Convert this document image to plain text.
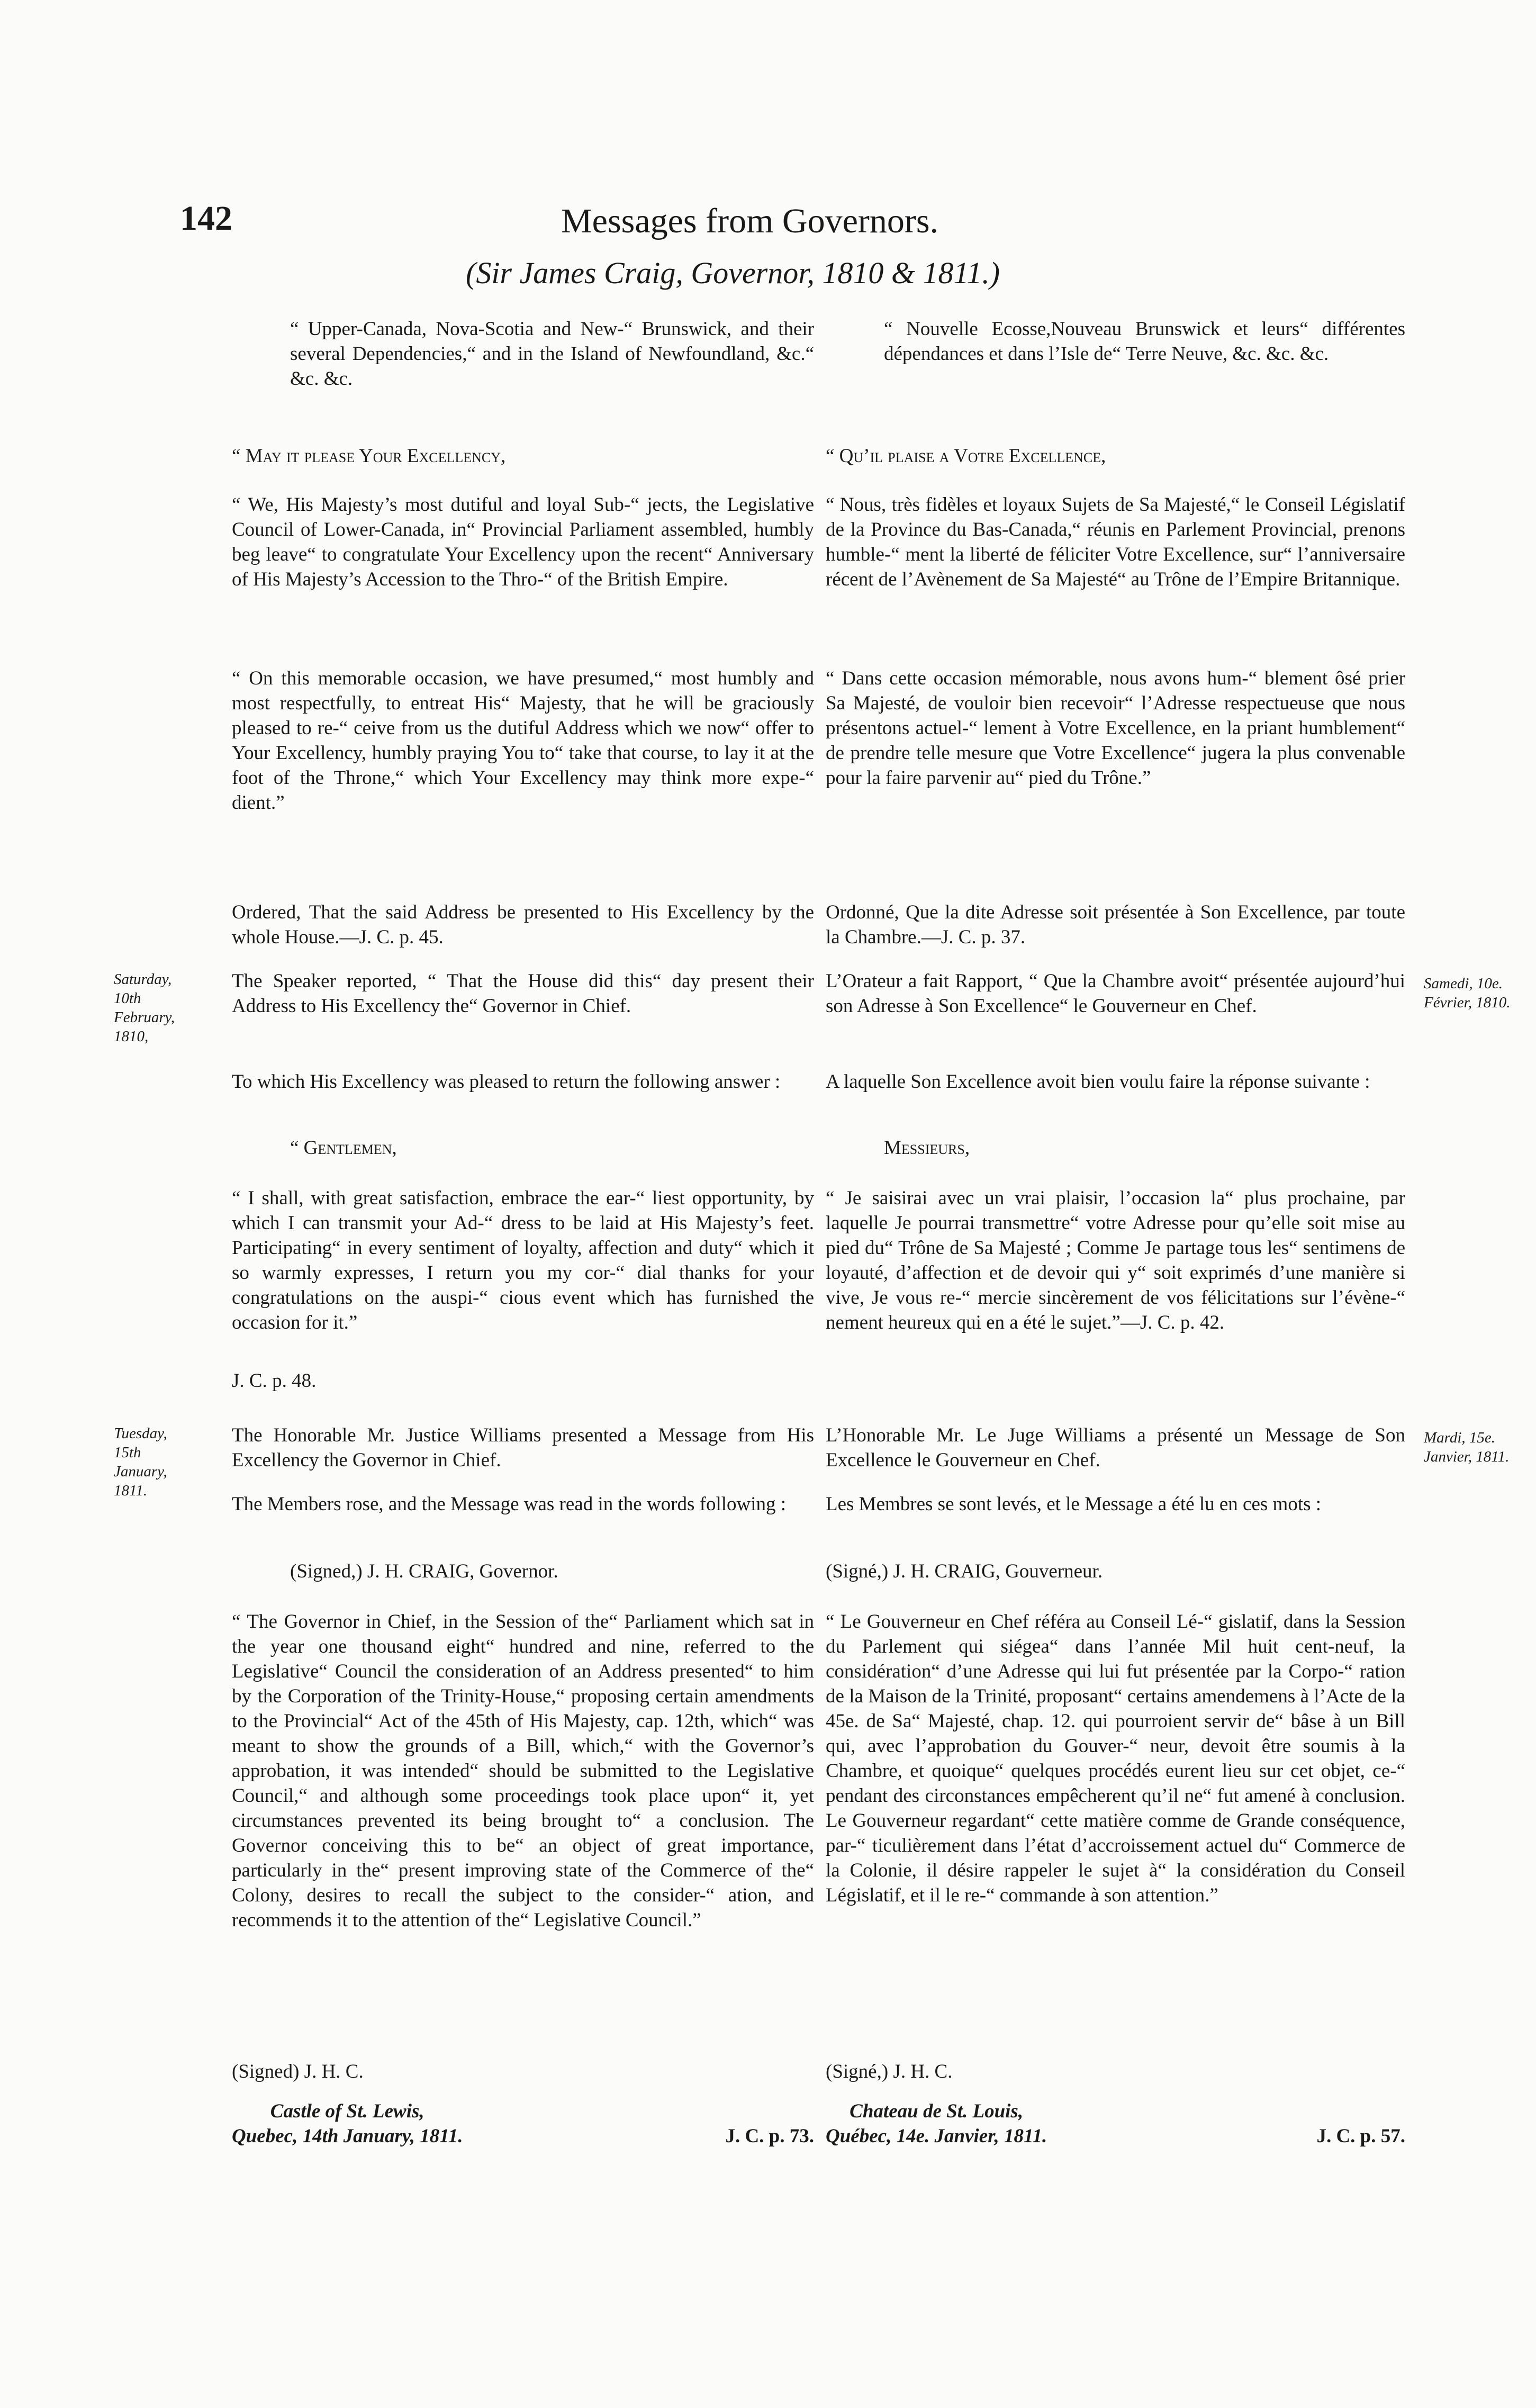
142	Messages from Governors.
(Sir James Craig, Governor, 1810 & 1811.)

“ Upper-Canada, Nova-Scotia and New-“ Brunswick, and their several Dependencies,“ and in the Island of Newfoundland, &c.“ &c. &c.

“ Nouvelle Ecosse,Nouveau Brunswick et leurs“ différentes dépendances et dans l’Isle de“ Terre Neuve, &c. &c. &c.

“ May it please Your Excellency,	“ Qu’il plaise a Votre Excellence,

“ We, His Majesty’s most dutiful and loyal Sub-“ jects, the Legislative Council of Lower-Canada, in“ Provincial Parliament assembled, humbly beg leave“ to congratulate Your Excellency upon the recent“ Anniversary of His Majesty’s Accession to the Thro-“ of the British Empire.

“ Nous, très fidèles et loyaux Sujets de Sa Majesté,“ le Conseil Législatif de la Province du Bas-Canada,“ réunis en Parlement Provincial, prenons humble-“ ment la liberté de féliciter Votre Excellence, sur“ l’anniversaire récent de l’Avènement de Sa Majesté“ au Trône de l’Empire Britannique.

“ On this memorable occasion, we have presumed,“ most humbly and most respectfully, to entreat His“ Majesty, that he will be graciously pleased to re-“ ceive from us the dutiful Address which we now“ offer to Your Excellency, humbly praying You to“ take that course, to lay it at the foot of the Throne,“ which Your Excellency may think more expe-“ dient.”

“ Dans cette occasion mémorable, nous avons hum-“ blement ôsé prier Sa Majesté, de vouloir bien recevoir“ l’Adresse respectueuse que nous présentons actuel-“ lement à Votre Excellence, en la priant humblement“ de prendre telle mesure que Votre Excellence“ jugera la plus convenable pour la faire parvenir au“ pied du Trône.”

Ordered, That the said Address be presented to His Excellency by the whole House.—J. C. p. 45.

Ordonné, Que la dite Adresse soit présentée à Son Excellence, par toute la Chambre.—J. C. p. 37.

Saturday, 10th February, 1810,
Samedi, 10e. Février, 1810.

The Speaker reported, “ That the House did this“ day present their Address to His Excellency the“ Governor in Chief.

L’Orateur a fait Rapport, “ Que la Chambre avoit“ présentée aujourd’hui son Adresse à Son Excellence“ le Gouverneur en Chef.

To which His Excellency was pleased to return the following answer :	A laquelle Son Excellence avoit bien voulu faire la réponse suivante :

“ Gentlemen,	Messieurs,

“ I shall, with great satisfaction, embrace the ear-“ liest opportunity, by which I can transmit your Ad-“ dress to be laid at His Majesty’s feet. Participating“ in every sentiment of loyalty, affection and duty“ which it so warmly expresses, I return you my cor-“ dial thanks for your congratulations on the auspi-“ cious event which has furnished the occasion for it.”

“ Je saisirai avec un vrai plaisir, l’occasion la“ plus prochaine, par laquelle Je pourrai transmettre“ votre Adresse pour qu’elle soit mise au pied du“ Trône de Sa Majesté ; Comme Je partage tous les“ sentimens de loyauté, d’affection et de devoir qui y“ soit exprimés d’une manière si vive, Je vous re-“ mercie sincèrement de vos félicitations sur l’évène-“ nement heureux qui en a été le sujet.”—J. C. p. 42.

J. C. p. 48.

Tuesday, 15th January, 1811.
Mardi, 15e. Janvier, 1811.

The Honorable Mr. Justice Williams presented a Message from His Excellency the Governor in Chief.

L’Honorable Mr. Le Juge Williams a présenté un Message de Son Excellence le Gouverneur en Chef.

The Members rose, and the Message was read in the words following :	Les Membres se sont levés, et le Message a été lu en ces mots :

(Signed,) J. H. CRAIG, Governor.	(Signé,) J. H. CRAIG, Gouverneur.

“ The Governor in Chief, in the Session of the“ Parliament which sat in the year one thousand eight“ hundred and nine, referred to the Legislative“ Council the consideration of an Address presented“ to him by the Corporation of the Trinity-House,“ proposing certain amendments to the Provincial“ Act of the 45th of His Majesty, cap. 12th, which“ was meant to show the grounds of a Bill, which,“ with the Governor’s approbation, it was intended“ should be submitted to the Legislative Council,“ and although some proceedings took place upon“ it, yet circumstances prevented its being brought to“ a conclusion. The Governor conceiving this to be“ an object of great importance, particularly in the“ present improving state of the Commerce of the“ Colony, desires to recall the subject to the consider-“ ation, and recommends it to the attention of the“ Legislative Council.”

“ Le Gouverneur en Chef référa au Conseil Lé-“ gislatif, dans la Session du Parlement qui siégea“ dans l’année Mil huit cent-neuf, la considération“ d’une Adresse qui lui fut présentée par la Corpo-“ ration de la Maison de la Trinité, proposant“ certains amendemens à l’Acte de la 45e. de Sa“ Majesté, chap. 12. qui pourroient servir de“ bâse à un Bill qui, avec l’approbation du Gouver-“ neur, devoit être soumis à la Chambre, et quoique“ quelques procédés eurent lieu sur cet objet, ce-“ pendant des circonstances empêcherent qu’il ne“ fut amené à conclusion. Le Gouverneur regardant“ cette matière comme de Grande conséquence, par-“ ticulièrement dans l’état d’accroissement actuel du“ Commerce de la Colonie, il désire rappeler le sujet à“ la considération du Conseil Législatif, et il le re-“ commande à son attention.”

(Signed) J. H. C.	(Signé,) J. H. C.

Castle of St. Lewis,
Quebec, 14th January, 1811.	J. C. p. 73.
Chateau de St. Louis,
Québec, 14e. Janvier, 1811.	J. C. p. 57.
